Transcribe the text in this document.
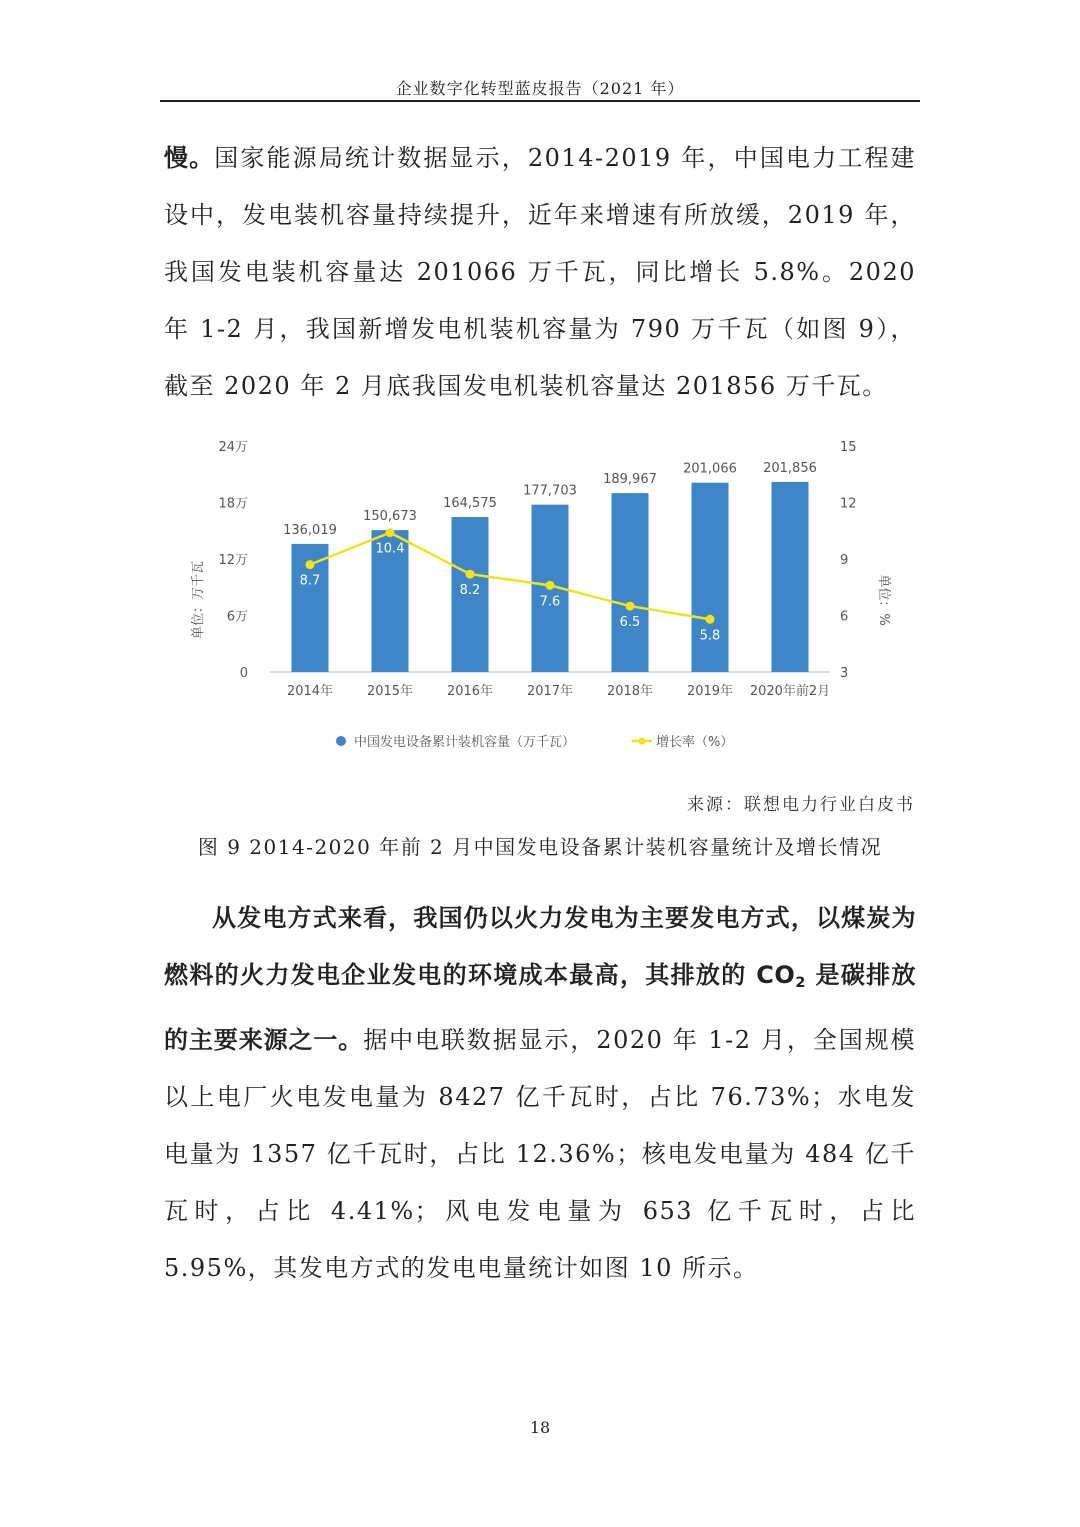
企业数字化转型蓝皮报告（2021 年）

慢。国家能源局统计数据显示，2014-2019 年，中国电力工程建设中，发电装机容量持续提升，近年来增速有所放缓，2019 年，我国发电装机容量达 201066 万千瓦，同比增长 5.8%。2020 年 1-2 月，我国新增发电机装机容量为 790 万千瓦（如图 9），截至 2020 年 2 月底我国发电机装机容量达 201856 万千瓦。

0
6万
12万
18万
24万
3
6
9
12
15
单位：万千瓦	单位：%
136,019
150,673
164,575
177,703
189,967
201,066 201,856
8.7
10.4
8.2
7.6
6.5
5.8
2014年	2015年	2016年	2017年	2018年	2019年 2020年前2月
中国发电设备累计装机容量（万千瓦）	增长率（%）
来源：联想电力行业白皮书
图 9 2014-2020 年前 2 月中国发电设备累计装机容量统计及增长情况

从发电方式来看，我国仍以火力发电为主要发电方式，以煤炭为燃料的火力发电企业发电的环境成本最高，其排放的 $CO_2$ 是碳排放的主要来源之一。据中电联数据显示，2020 年 1-2 月，全国规模以上电厂火电发电量为 8427 亿千瓦时，占比 76.73%；水电发电量为 1357 亿千瓦时，占比 12.36%；核电发电量为 484 亿千瓦时，占比 4.41%；风电发电量为 653 亿千瓦时，占比 5.95%，其发电方式的发电电量统计如图 10 所示。

18
